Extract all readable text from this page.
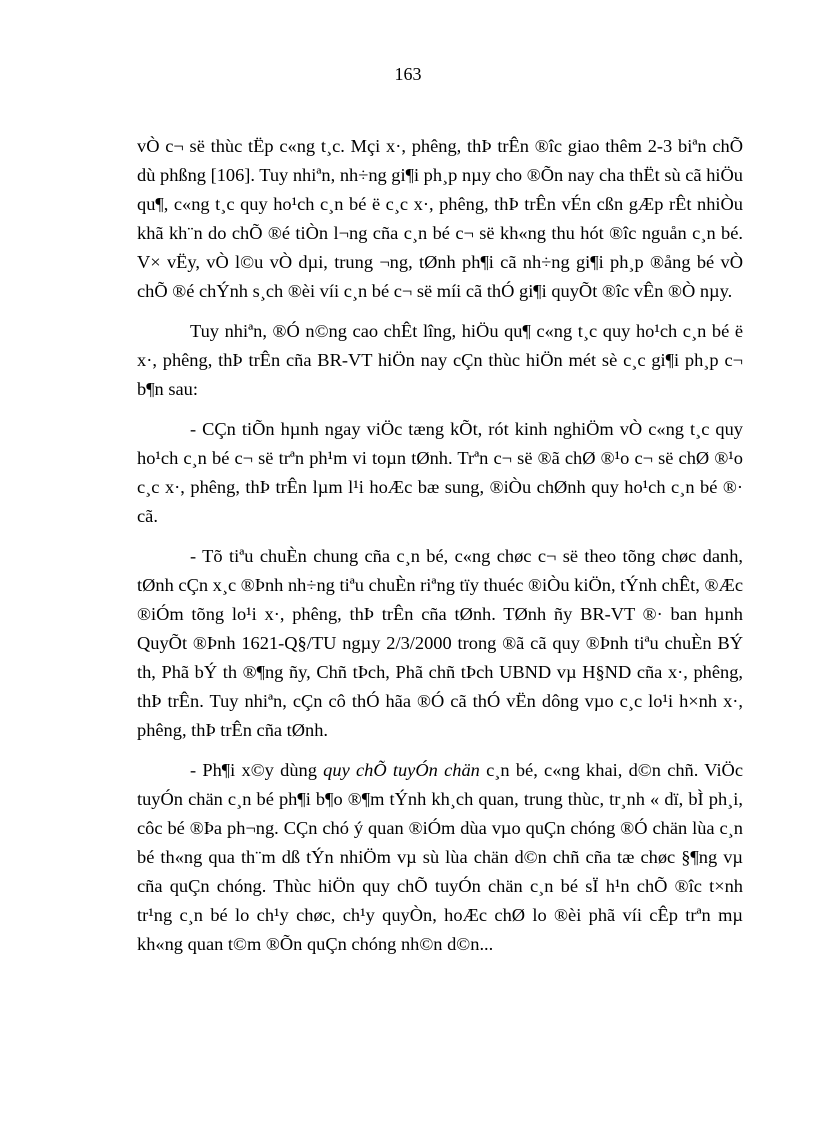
163

vÒ c¬ së thùc tËp c«ng t¸c. Mçi x·, phêng, thÞ trÊn ®îc giao thêm 2-3 biªn chÕ dù phßng [106]. Tuy nhiªn, nh÷ng gi¶i ph¸p nµy cho ®Õn nay cha thËt sù cã hiÖu qu¶, c«ng t¸c quy ho¹ch c¸n bé ë c¸c x·, phêng, thÞ trÊn vÉn cßn gÆp rÊt nhiÒu khã kh¨n do chÕ ®é tiÒn l¬ng cña c¸n bé c¬ së kh«ng thu hót ®îc nguån c¸n bé. V× vËy, vÒ l©u vÒ dµi, trung ¬ng, tØnh ph¶i cã nh÷ng gi¶i ph¸p ®ång bé vÒ chÕ ®é chÝnh s¸ch ®èi víi c¸n bé c¬ së míi cã thÓ gi¶i quyÕt ®îc vÊn ®Ò nµy.

Tuy nhiªn, ®Ó n©ng cao chÊt lîng, hiÖu qu¶ c«ng t¸c quy ho¹ch c¸n bé ë x·, phêng, thÞ trÊn cña BR-VT hiÖn nay cÇn thùc hiÖn mét sè c¸c gi¶i ph¸p c¬ b¶n sau:

- CÇn tiÕn hµnh ngay viÖc tæng kÕt, rót kinh nghiÖm vÒ c«ng t¸c quy ho¹ch c¸n bé c¬ së trªn ph¹m vi toµn tØnh. Trªn c¬ së ®ã chØ ®¹o c¬ së chØ ®¹o c¸c x·, phêng, thÞ trÊn lµm l¹i hoÆc bæ sung, ®iÒu chØnh quy ho¹ch c¸n bé ®· cã.

- Tõ tiªu chuÈn chung cña c¸n bé, c«ng chøc c¬ së theo tõng chøc danh, tØnh cÇn x¸c ®Þnh nh÷ng tiªu chuÈn riªng tïy thuéc ®iÒu kiÖn, tÝnh chÊt, ®Æc ®iÓm tõng lo¹i x·, phêng, thÞ trÊn cña tØnh. TØnh ñy BR-VT ®· ban hµnh QuyÕt ®Þnh 1621-Q§/TU ngµy 2/3/2000 trong ®ã cã quy ®Þnh tiªu chuÈn BÝ th, Phã bÝ th ®¶ng ñy, Chñ tÞch, Phã chñ tÞch UBND vµ H§ND cña x·, phêng, thÞ trÊn. Tuy nhiªn, cÇn cô thÓ hãa ®Ó cã thÓ vËn dông vµo c¸c lo¹i h×nh x·, phêng, thÞ trÊn cña tØnh.

- Ph¶i x©y dùng quy chÕ tuyÓn chän c¸n bé, c«ng khai, d©n chñ. ViÖc tuyÓn chän c¸n bé ph¶i b¶o ®¶m tÝnh kh¸ch quan, trung thùc, tr¸nh « dï, bÌ ph¸i, côc bé ®Þa ph¬ng. CÇn chó ý quan ®iÓm dùa vµo quÇn chóng ®Ó chän lùa c¸n bé th«ng qua th¨m dß tÝn nhiÖm vµ sù lùa chän d©n chñ cña tæ chøc §¶ng vµ cña quÇn chóng. Thùc hiÖn quy chÕ tuyÓn chän c¸n bé sÏ h¹n chÕ ®îc t×nh tr¹ng c¸n bé lo ch¹y chøc, ch¹y quyÒn, hoÆc chØ lo ®èi phã víi cÊp trªn mµ kh«ng quan t©m ®Õn quÇn chóng nh©n d©n...
